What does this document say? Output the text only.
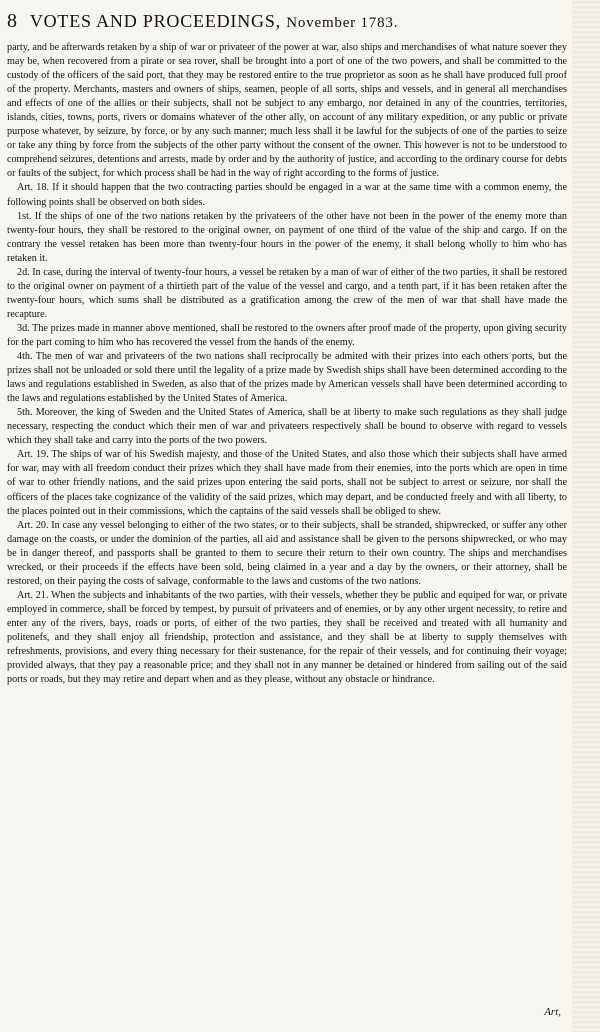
8 VOTES AND PROCEEDINGS, November 1783.

party, and be afterwards retaken by a ship of war or privateer of the power at war, also ships and merchandises of what nature soever they may be, when recovered from a pirate or sea rover, shall be brought into a port of one of the two powers, and shall be committed to the custody of the officers of the said port, that they may be restored entire to the true proprietor as soon as he shall have produced full proof of the property. Merchants, masters and owners of ships, seamen, people of all sorts, ships and vessels, and in general all merchandises and effects of one of the allies or their subjects, shall not be subject to any embargo, nor detained in any of the countries, territories, islands, cities, towns, ports, rivers or domains whatever of the other ally, on account of any military expedition, or any public or private purpose whatever, by seizure, by force, or by any such manner; much less shall it be lawful for the subjects of one of the parties to seize or take any thing by force from the subjects of the other party without the consent of the owner. This however is not to be understood to comprehend seizures, detentions and arrests, made by order and by the authority of justice, and according to the ordinary course for debts or faults of the subject, for which process shall be had in the way of right according to the forms of justice.

Art. 18. If it should happen that the two contracting parties should be engaged in a war at the same time with a common enemy, the following points shall be observed on both sides.

1st. If the ships of one of the two nations retaken by the privateers of the other have not been in the power of the enemy more than twenty-four hours, they shall be restored to the original owner, on payment of one third of the value of the ship and cargo. If on the contrary the vessel retaken has been more than twenty-four hours in the power of the enemy, it shall belong wholly to him who has retaken it.

2d. In case, during the interval of twenty-four hours, a vessel be retaken by a man of war of either of the two parties, it shall be restored to the original owner on payment of a thirtieth part of the value of the vessel and cargo, and a tenth part, if it has been retaken after the twenty-four hours, which sums shall be distributed as a gratification among the crew of the men of war that shall have made the recapture.

3d. The prizes made in manner above mentioned, shall be restored to the owners after proof made of the property, upon giving security for the part coming to him who has recovered the vessel from the hands of the enemy.

4th. The men of war and privateers of the two nations shall reciprocally be admited with their prizes into each others ports, but the prizes shall not be unloaded or sold there until the legality of a prize made by Swedish ships shall have been determined according to the laws and regulations established in Sweden, as also that of the prizes made by American vessels shall have been determined according to the laws and regulations established by the United States of America.

5th. Moreover, the king of Sweden and the United States of America, shall be at liberty to make such regulations as they shall judge necessary, respecting the conduct which their men of war and privateers respectively shall be bound to observe with regard to vessels which they shall take and carry into the ports of the two powers.

Art. 19. The ships of war of his Swedish majesty, and those of the United States, and also those which their subjects shall have armed for war, may with all freedom conduct their prizes which they shall have made from their enemies, into the ports which are open in time of war to other friendly nations, and the said prizes upon entering the said ports, shall not be subject to arrest or seizure, nor shall the officers of the places take cognizance of the validity of the said prizes, which may depart, and be conducted freely and with all liberty, to the places pointed out in their commissions, which the captains of the said vessels shall be obliged to shew.

Art. 20. In case any vessel belonging to either of the two states, or to their subjects, shall be stranded, shipwrecked, or suffer any other damage on the coasts, or under the dominion of the parties, all aid and assistance shall be given to the persons shipwrecked, or who may be in danger thereof, and passports shall be granted to them to secure their return to their own country. The ships and merchandises wrecked, or their proceeds if the effects have been sold, being claimed in a year and a day by the owners, or their attorney, shall be restored, on their paying the costs of salvage, conformable to the laws and customs of the two nations.

Art. 21. When the subjects and inhabitants of the two parties, with their vessels, whether they be public and equiped for war, or private employed in commerce, shall be forced by tempest, by pursuit of privateers and of enemies, or by any other urgent necessity, to retire and enter any of the rivers, bays, roads or ports, of either of the two parties, they shall be received and treated with all humanity and politenefs, and they shall enjoy all friendship, protection and assistance, and they shall be at liberty to supply themselves with refreshments, provisions, and every thing necessary for their sustenance, for the repair of their vessels, and for continuing their voyage; provided always, that they pay a reasonable price; and they shall not in any manner be detained or hindered from sailing out of the said ports or roads, but they may retire and depart when and as they please, without any obstacle or hindrance.

Art,
